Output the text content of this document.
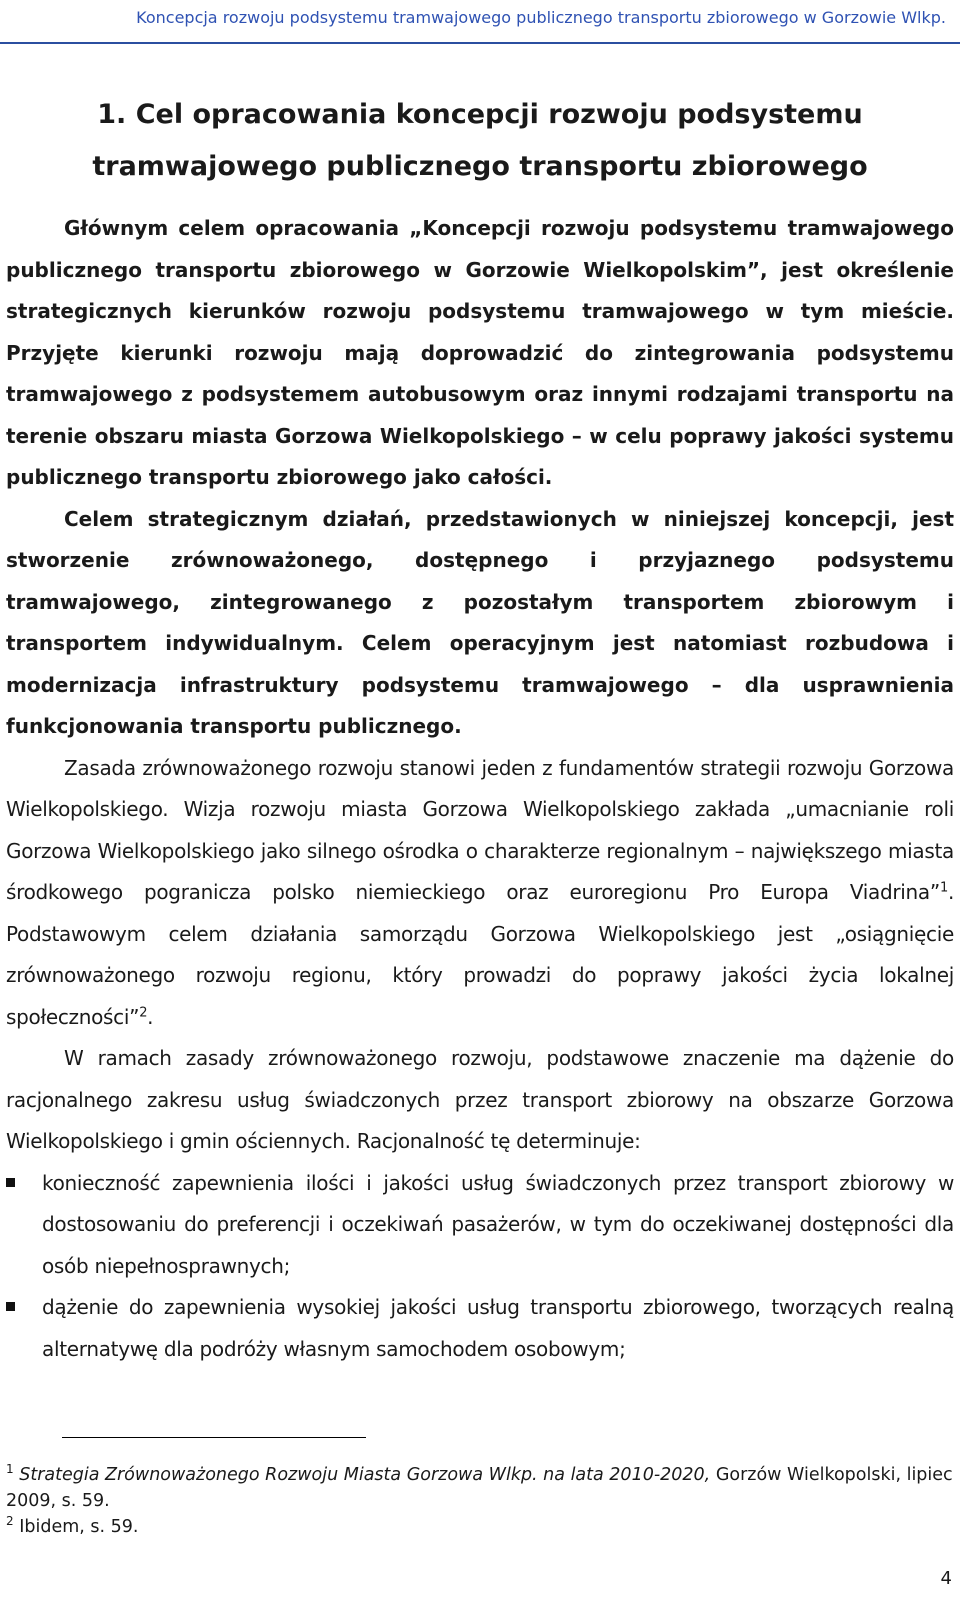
Koncepcja rozwoju podsystemu tramwajowego publicznego transportu zbiorowego w Gorzowie Wlkp.
1. Cel opracowania koncepcji rozwoju podsystemu
tramwajowego publicznego transportu zbiorowego

Głównym celem opracowania „Koncepcji rozwoju podsystemu tramwajowego publicznego transportu zbiorowego w Gorzowie Wielkopolskim”, jest określenie strategicznych kierunków rozwoju podsystemu tramwajowego w tym mieście. Przyjęte kierunki rozwoju mają doprowadzić do zintegrowania podsystemu tramwajowego z podsystemem autobusowym oraz innymi rodzajami transportu na terenie obszaru miasta Gorzowa Wielkopolskiego – w celu poprawy jakości systemu publicznego transportu zbiorowego jako całości.

Celem strategicznym działań, przedstawionych w niniejszej koncepcji, jest stworzenie zrównoważonego, dostępnego i przyjaznego podsystemu tramwajowego, zintegrowanego z pozostałym transportem zbiorowym i transportem indywidualnym. Celem operacyjnym jest natomiast rozbudowa i modernizacja infrastruktury podsystemu tramwajowego – dla usprawnienia funkcjonowania transportu publicznego.

Zasada zrównoważonego rozwoju stanowi jeden z fundamentów strategii rozwoju Gorzowa Wielkopolskiego. Wizja rozwoju miasta Gorzowa Wielkopolskiego zakłada „umacnianie roli Gorzowa Wielkopolskiego jako silnego ośrodka o charakterze regionalnym – największego miasta środkowego pogranicza polsko niemieckiego oraz euroregionu Pro Europa Viadrina”$^1$. Podstawowym celem działania samorządu Gorzowa Wielkopolskiego jest „osiągnięcie zrównoważonego rozwoju regionu, który prowadzi do poprawy jakości życia lokalnej społeczności”$^2$.

W ramach zasady zrównoważonego rozwoju, podstawowe znaczenie ma dążenie do racjonalnego zakresu usług świadczonych przez transport zbiorowy na obszarze Gorzowa Wielkopolskiego i gmin ościennych. Racjonalność tę determinuje:

konieczność zapewnienia ilości i jakości usług świadczonych przez transport zbiorowy w dostosowaniu do preferencji i oczekiwań pasażerów, w tym do oczekiwanej dostępności dla osób niepełnosprawnych;
dążenie do zapewnienia wysokiej jakości usług transportu zbiorowego, tworzących realną alternatywę dla podróży własnym samochodem osobowym;

$^1$ Strategia Zrównoważonego Rozwoju Miasta Gorzowa Wlkp. na lata 2010-2020, Gorzów Wielkopolski, lipiec 2009, s. 59.

$^2$ Ibidem, s. 59.

4
